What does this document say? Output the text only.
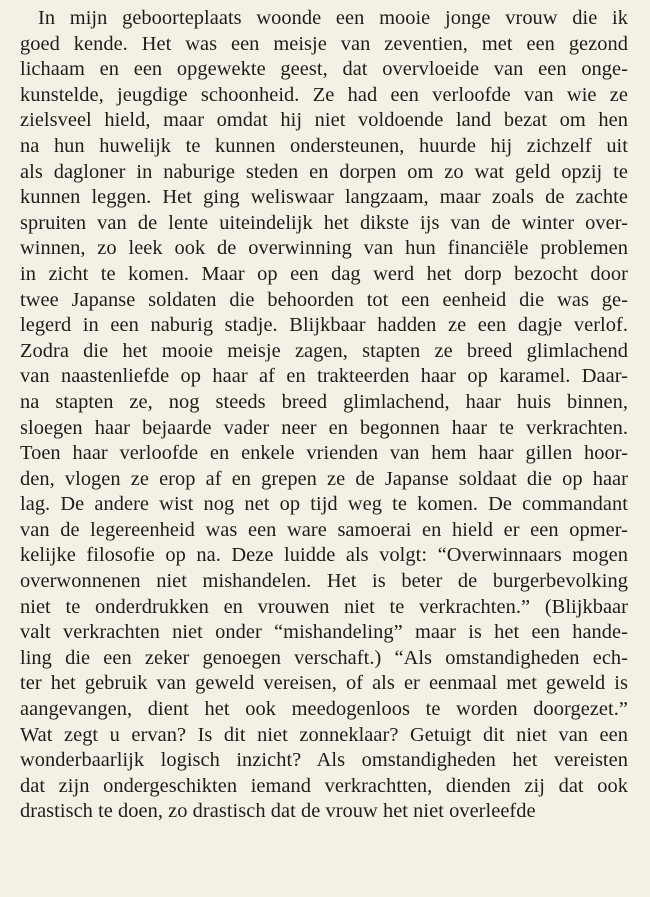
In mijn geboorteplaats woonde een mooie jonge vrouw die ik
goed kende. Het was een meisje van zeventien, met een gezond
lichaam en een opgewekte geest, dat overvloeide van een onge-
kunstelde, jeugdige schoonheid. Ze had een verloofde van wie ze
zielsveel hield, maar omdat hij niet voldoende land bezat om hen
na hun huwelijk te kunnen ondersteunen, huurde hij zichzelf uit
als dagloner in naburige steden en dorpen om zo wat geld opzij te
kunnen leggen. Het ging weliswaar langzaam, maar zoals de zachte
spruiten van de lente uiteindelijk het dikste ijs van de winter over-
winnen, zo leek ook de overwinning van hun financiële problemen
in zicht te komen. Maar op een dag werd het dorp bezocht door
twee Japanse soldaten die behoorden tot een eenheid die was ge-
legerd in een naburig stadje. Blijkbaar hadden ze een dagje verlof.
Zodra die het mooie meisje zagen, stapten ze breed glimlachend
van naastenliefde op haar af en trakteerden haar op karamel. Daar-
na stapten ze, nog steeds breed glimlachend, haar huis binnen,
sloegen haar bejaarde vader neer en begonnen haar te verkrachten.
Toen haar verloofde en enkele vrienden van hem haar gillen hoor-
den, vlogen ze erop af en grepen ze de Japanse soldaat die op haar
lag. De andere wist nog net op tijd weg te komen. De commandant
van de legereenheid was een ware samoerai en hield er een opmer-
kelijke filosofie op na. Deze luidde als volgt: “Overwinnaars mogen
overwonnenen niet mishandelen. Het is beter de burgerbevolking
niet te onderdrukken en vrouwen niet te verkrachten.” (Blijkbaar
valt verkrachten niet onder “mishandeling” maar is het een hande-
ling die een zeker genoegen verschaft.) “Als omstandigheden ech-
ter het gebruik van geweld vereisen, of als er eenmaal met geweld is
aangevangen, dient het ook meedogenloos te worden doorgezet.”
Wat zegt u ervan? Is dit niet zonneklaar? Getuigt dit niet van een
wonderbaarlijk logisch inzicht? Als omstandigheden het vereisten
dat zijn ondergeschikten iemand verkrachtten, dienden zij dat ook
drastisch te doen, zo drastisch dat de vrouw het niet overleefde
